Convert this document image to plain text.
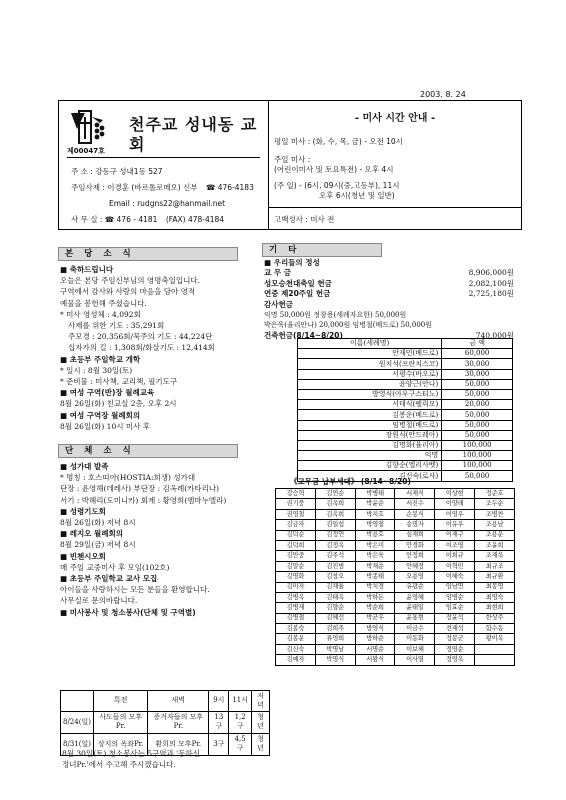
2003. 8. 24
천주교 성내동 교회
제00047호
주 소 : 강동구 성내1동 527
주임사제 : 이경훈 (바르톨로메오) 신부 ☎ 476-4183
Email : rudgns22@hanmail.net
사 무 실 : ☎ 476 - 4181 (FAX) 478-4184
- 미사 시간 안내 -
평일 미사 : (화, 수, 목, 금) - 오전 10시
주일 미사 :
(어린이미사 및 토요특전) - 오후 4시
(주 일) - (6시, 09시(중,고등부), 11시
오후 6시(청년 및 일반)
고백성사 : 미사 전
본 당 소 식
■ 축하드립니다
오늘은 본당 주임신부님의 영명축일입니다.
구역에서 감사와 사랑의 마음을 담아 영적
예물을 봉헌해 주셨습니다.
* 미사 영성체 : 4,092회
사제를 위한 기도 : 35,291회
주모경 : 20,356회/묵주의 기도 : 44,224단
십자가의 길 : 1,308회/화살기도 : 12,414회
■ 초등부 주일학교 개학
* 일시 : 8월 30일(토)
* 준비물 : 미사책, 교리책, 필기도구
■ 여성 구역(반)장 월례교육
8월 26일(화) 친교실 2층, 오후 2시
■ 여성 구역장 월례회의
8월 26일(화) 10시 미사 후
단 체 소 식
■ 성가대 발족
* 명칭 : 호스띠아(HOSTIA:희생) 성가대
단장 : 윤영해(데레사) 부단장 : 김옥례(카타리나)
서기 : 박혜리(도미니카) 회계 : 황영희(엠마누엘라)
■ 성령기도회
8월 26일(화) 저녁 8시
■ 레지오 월례회의
8월 29일(금) 저녁 8시
■ 빈첸시오회
매 주일 교중미사 후 모임(102호)
■ 초등부 주일학교 교사 모집
아이들을 사랑하시는 모든 분들을 환영합니다.
사무실로 문의바랍니다.
■ 미사봉사 및 청소봉사(단체 및 구역별)
	특전	새벽	9시	11시	저녁
8/24(일)	사도들의 모후Pr.	증거자들의 모후Pr.	13구	1,2구	청년
8/31(일)	상지의 옥좌Pr.	환희의 모후Pr.	3구	4,5구	청년
8월 30일(토) 청소봉사는 5구역과 '동하신
정녀Pr.'에서 수고해 주시겠습니다.
기 타
■ 우리들의 정성
교 무 금	8,906,000원
성모승천대축일 헌금	2,082,100원
연중 제20주일 헌금	2,725,180원
감사헌금
익명 50,000원 정창용(세례자요한) 50,000원
박은욱(율리안나) 20,000원 임병철(베드로) 50,000원
건축헌금(8/14~8/20)	740,000원
이름(세례명)	금 액
안재민(베드로)	60,000
원치석(프란치스코)	30,000
서평수(바오로)	30,000
윤양근(안나)	50,000
방영식(아우구스티노)	50,000
서태식(펠릭모)	20,000
김봉운(베드로)	50,000
임병철(베드로)	50,000
장원식(안드레아)	50,000
김명화(율리아)	100,000
익명	100,000
김향순(엘리사벳)	100,000
김신숙(로사)	50,000
《교무금 납부세대》 (8/14~8/20)
강승혁	김연순	박병태	서재식	이상현	정준호
권기풍	김옥희	박윤순	서진수	이양래	조두순
권영철	김옥희	박지호	손봉식	이영우	조병찬
김금자	김일섭	박영철	송명자	이유우	조용남
김덕순	김정연	박용호	심재희	이재구	조용운
김덕희	김정옥	박은미	안경화	이조영	조윤희
김만중	김주석	박은욱	안정희	이희규	조재옥
김말순	김진범	박재순	안혜정	이혁민	최규조
김명화	김창오	박종태	오용영	이혜숙	최규환
김미자	김채율	박치경	유광순	임남연	최봉영
김병옥	김태옥	박하돈	윤영혜	임병순	최영숙
김병재	김향순	박순희	윤태일	임효순	최현희
김병철	김혜선	박균우	윤홍현	장윤석	한상주
김봉숙	김희주	방영식	이금수	전재석	함수동
김봉운	류영희	방하순	이동화	정봉군	황이옥
김신숙	박명남	서명순	이보헤	정영순	
김예자	박명식	서왕식	이사열	정영옥	
